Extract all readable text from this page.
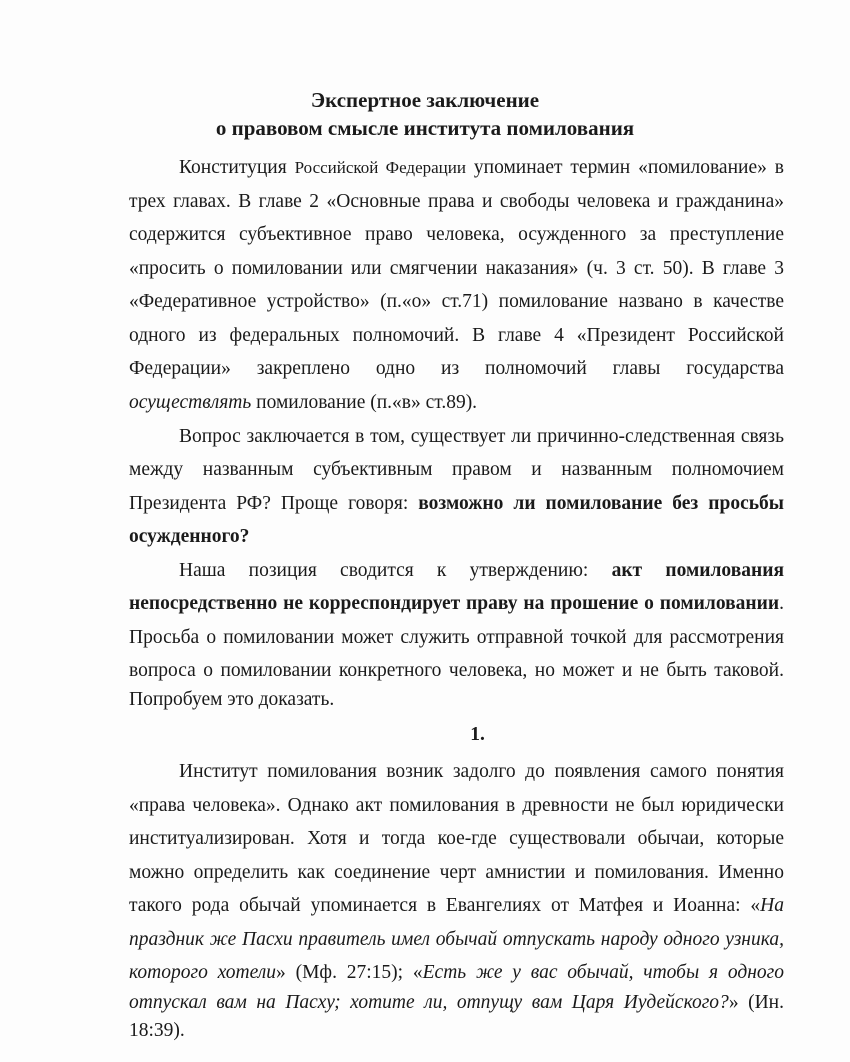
Экспертное заключение
о правовом смысле института помилования
Конституция Российской Федерации упоминает термин «помилование» в
трех главах. В главе 2 «Основные права и свободы человека и гражданина»
содержится субъективное право человека, осужденного за преступление
«просить о помиловании или смягчении наказания» (ч. 3 ст. 50). В главе 3
«Федеративное устройство» (п.«о» ст.71) помилование названо в качестве
одного из федеральных полномочий. В главе 4 «Президент Российской
Федерации» закреплено одно из полномочий главы государства
осуществлять помилование (п.«в» ст.89).
Вопрос заключается в том, существует ли причинно-следственная связь
между названным субъективным правом и названным полномочием
Президента РФ? Проще говоря: возможно ли помилование без просьбы
осужденного?
Наша позиция сводится к утверждению: акт помилования
непосредственно не корреспондирует праву на прошение о помиловании.
Просьба о помиловании может служить отправной точкой для рассмотрения
вопроса о помиловании конкретного человека, но может и не быть таковой.
Попробуем это доказать.
1.
Институт помилования возник задолго до появления самого понятия
«права человека». Однако акт помилования в древности не был юридически
институализирован. Хотя и тогда кое-где существовали обычаи, которые
можно определить как соединение черт амнистии и помилования. Именно
такого рода обычай упоминается в Евангелиях от Матфея и Иоанна: «На
праздник же Пасхи правитель имел обычай отпускать народу одного узника,
которого хотели» (Мф. 27:15); «Есть же у вас обычай, чтобы я одного
отпускал вам на Пасху; хотите ли, отпущу вам Царя Иудейского?» (Ин.
18:39).
